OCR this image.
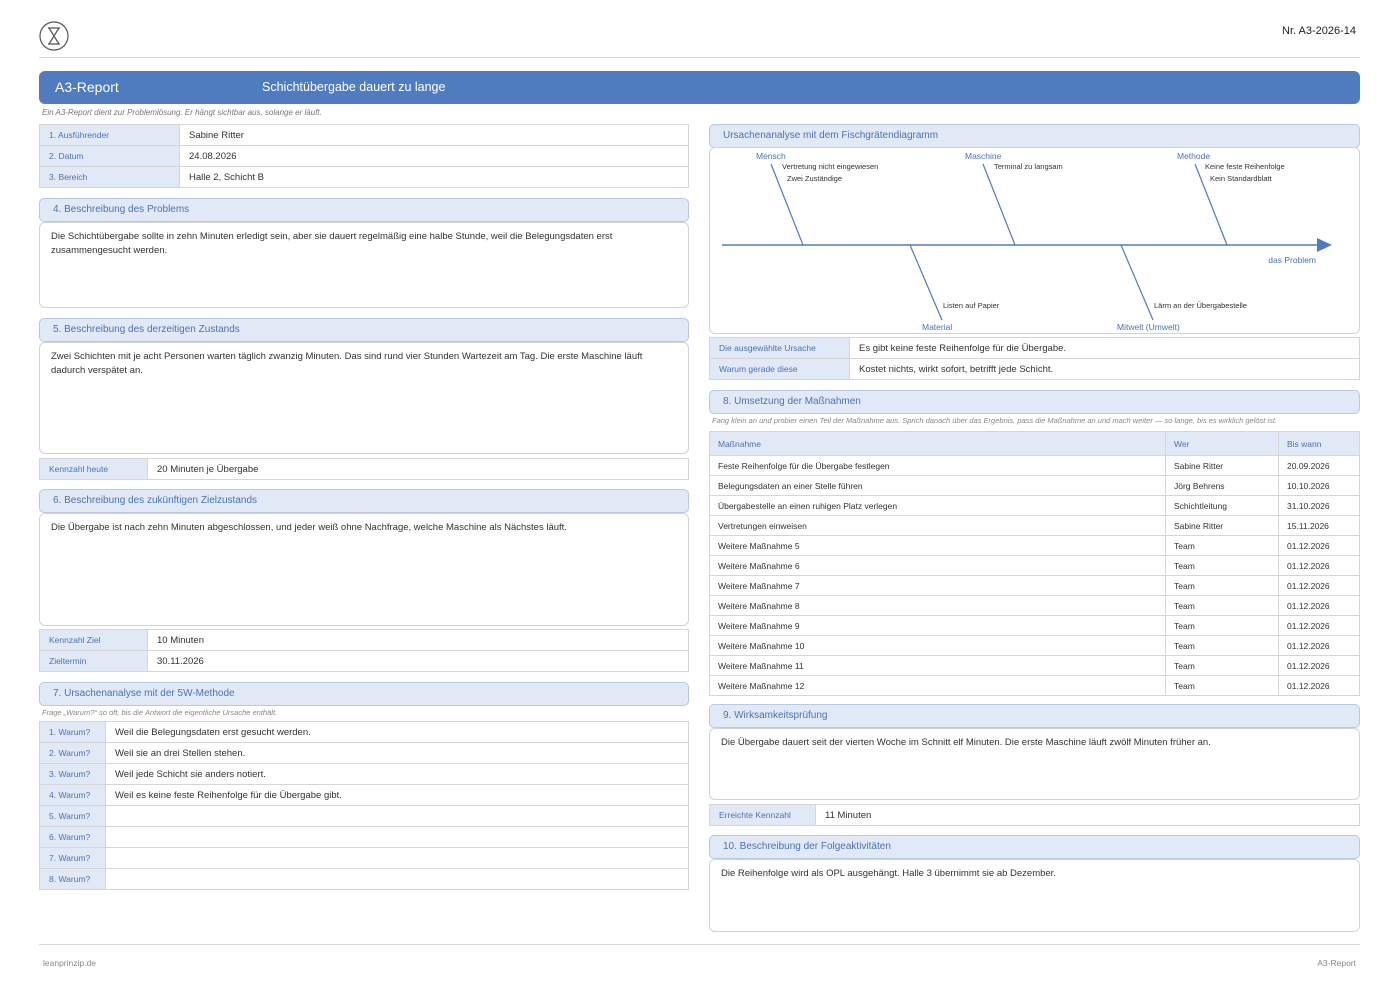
Nr. A3-2026-14
A3-Report	Schichtübergabe dauert zu lange
Ein A3-Report dient zur Problemlösung. Er hängt sichtbar aus, solange er läuft.
1. Ausführender	Sabine Ritter
2. Datum	24.08.2026
3. Bereich	Halle 2, Schicht B
4. Beschreibung des Problems
Die Schichtübergabe sollte in zehn Minuten erledigt sein, aber sie dauert regelmäßig eine halbe Stunde, weil die Belegungsdaten erst zusammengesucht werden.
5. Beschreibung des derzeitigen Zustands
Zwei Schichten mit je acht Personen warten täglich zwanzig Minuten. Das sind rund vier Stunden Wartezeit am Tag. Die erste Maschine läuft dadurch verspätet an.
Kennzahl heute	20 Minuten je Übergabe
6. Beschreibung des zukünftigen Zielzustands
Die Übergabe ist nach zehn Minuten abgeschlossen, und jeder weiß ohne Nachfrage, welche Maschine als Nächstes läuft.
Kennzahl Ziel	10 Minuten
Zieltermin	30.11.2026
7. Ursachenanalyse mit der 5W-Methode
Frage „Warum?“ so oft, bis die Antwort die eigentliche Ursache enthält.
1. Warum?	Weil die Belegungsdaten erst gesucht werden.
2. Warum?	Weil sie an drei Stellen stehen.
3. Warum?	Weil jede Schicht sie anders notiert.
4. Warum?	Weil es keine feste Reihenfolge für die Übergabe gibt.
5. Warum?	
6. Warum?	
7. Warum?	
8. Warum?	
Ursachenanalyse mit dem Fischgrätendiagramm
das Problem
Mensch
Vertretung nicht eingewiesen
Zwei Zuständige
Maschine
Terminal zu langsam
Methode
Keine feste Reihenfolge
Kein Standardblatt
Material
Listen auf Papier
Mitwelt (Umwelt)
Lärm an der Übergabestelle
Die ausgewählte Ursache	Es gibt keine feste Reihenfolge für die Übergabe.
Warum gerade diese	Kostet nichts, wirkt sofort, betrifft jede Schicht.
8. Umsetzung der Maßnahmen
Fang klein an und probier einen Teil der Maßnahme aus. Sprich danach über das Ergebnis, pass die Maßnahme an und mach weiter — so lange, bis es wirklich gelöst ist.
Maßnahme	Wer	Bis wann
Feste Reihenfolge für die Übergabe festlegen	Sabine Ritter	20.09.2026
Belegungsdaten an einer Stelle führen	Jörg Behrens	10.10.2026
Übergabestelle an einen ruhigen Platz verlegen	Schichtleitung	31.10.2026
Vertretungen einweisen	Sabine Ritter	15.11.2026
Weitere Maßnahme 5	Team	01.12.2026
Weitere Maßnahme 6	Team	01.12.2026
Weitere Maßnahme 7	Team	01.12.2026
Weitere Maßnahme 8	Team	01.12.2026
Weitere Maßnahme 9	Team	01.12.2026
Weitere Maßnahme 10	Team	01.12.2026
Weitere Maßnahme 11	Team	01.12.2026
Weitere Maßnahme 12	Team	01.12.2026
9. Wirksamkeitsprüfung
Die Übergabe dauert seit der vierten Woche im Schnitt elf Minuten. Die erste Maschine läuft zwölf Minuten früher an.
Erreichte Kennzahl	11 Minuten
10. Beschreibung der Folgeaktivitäten
Die Reihenfolge wird als OPL ausgehängt. Halle 3 übernimmt sie ab Dezember.
leanprinzip.de	A3-Report
